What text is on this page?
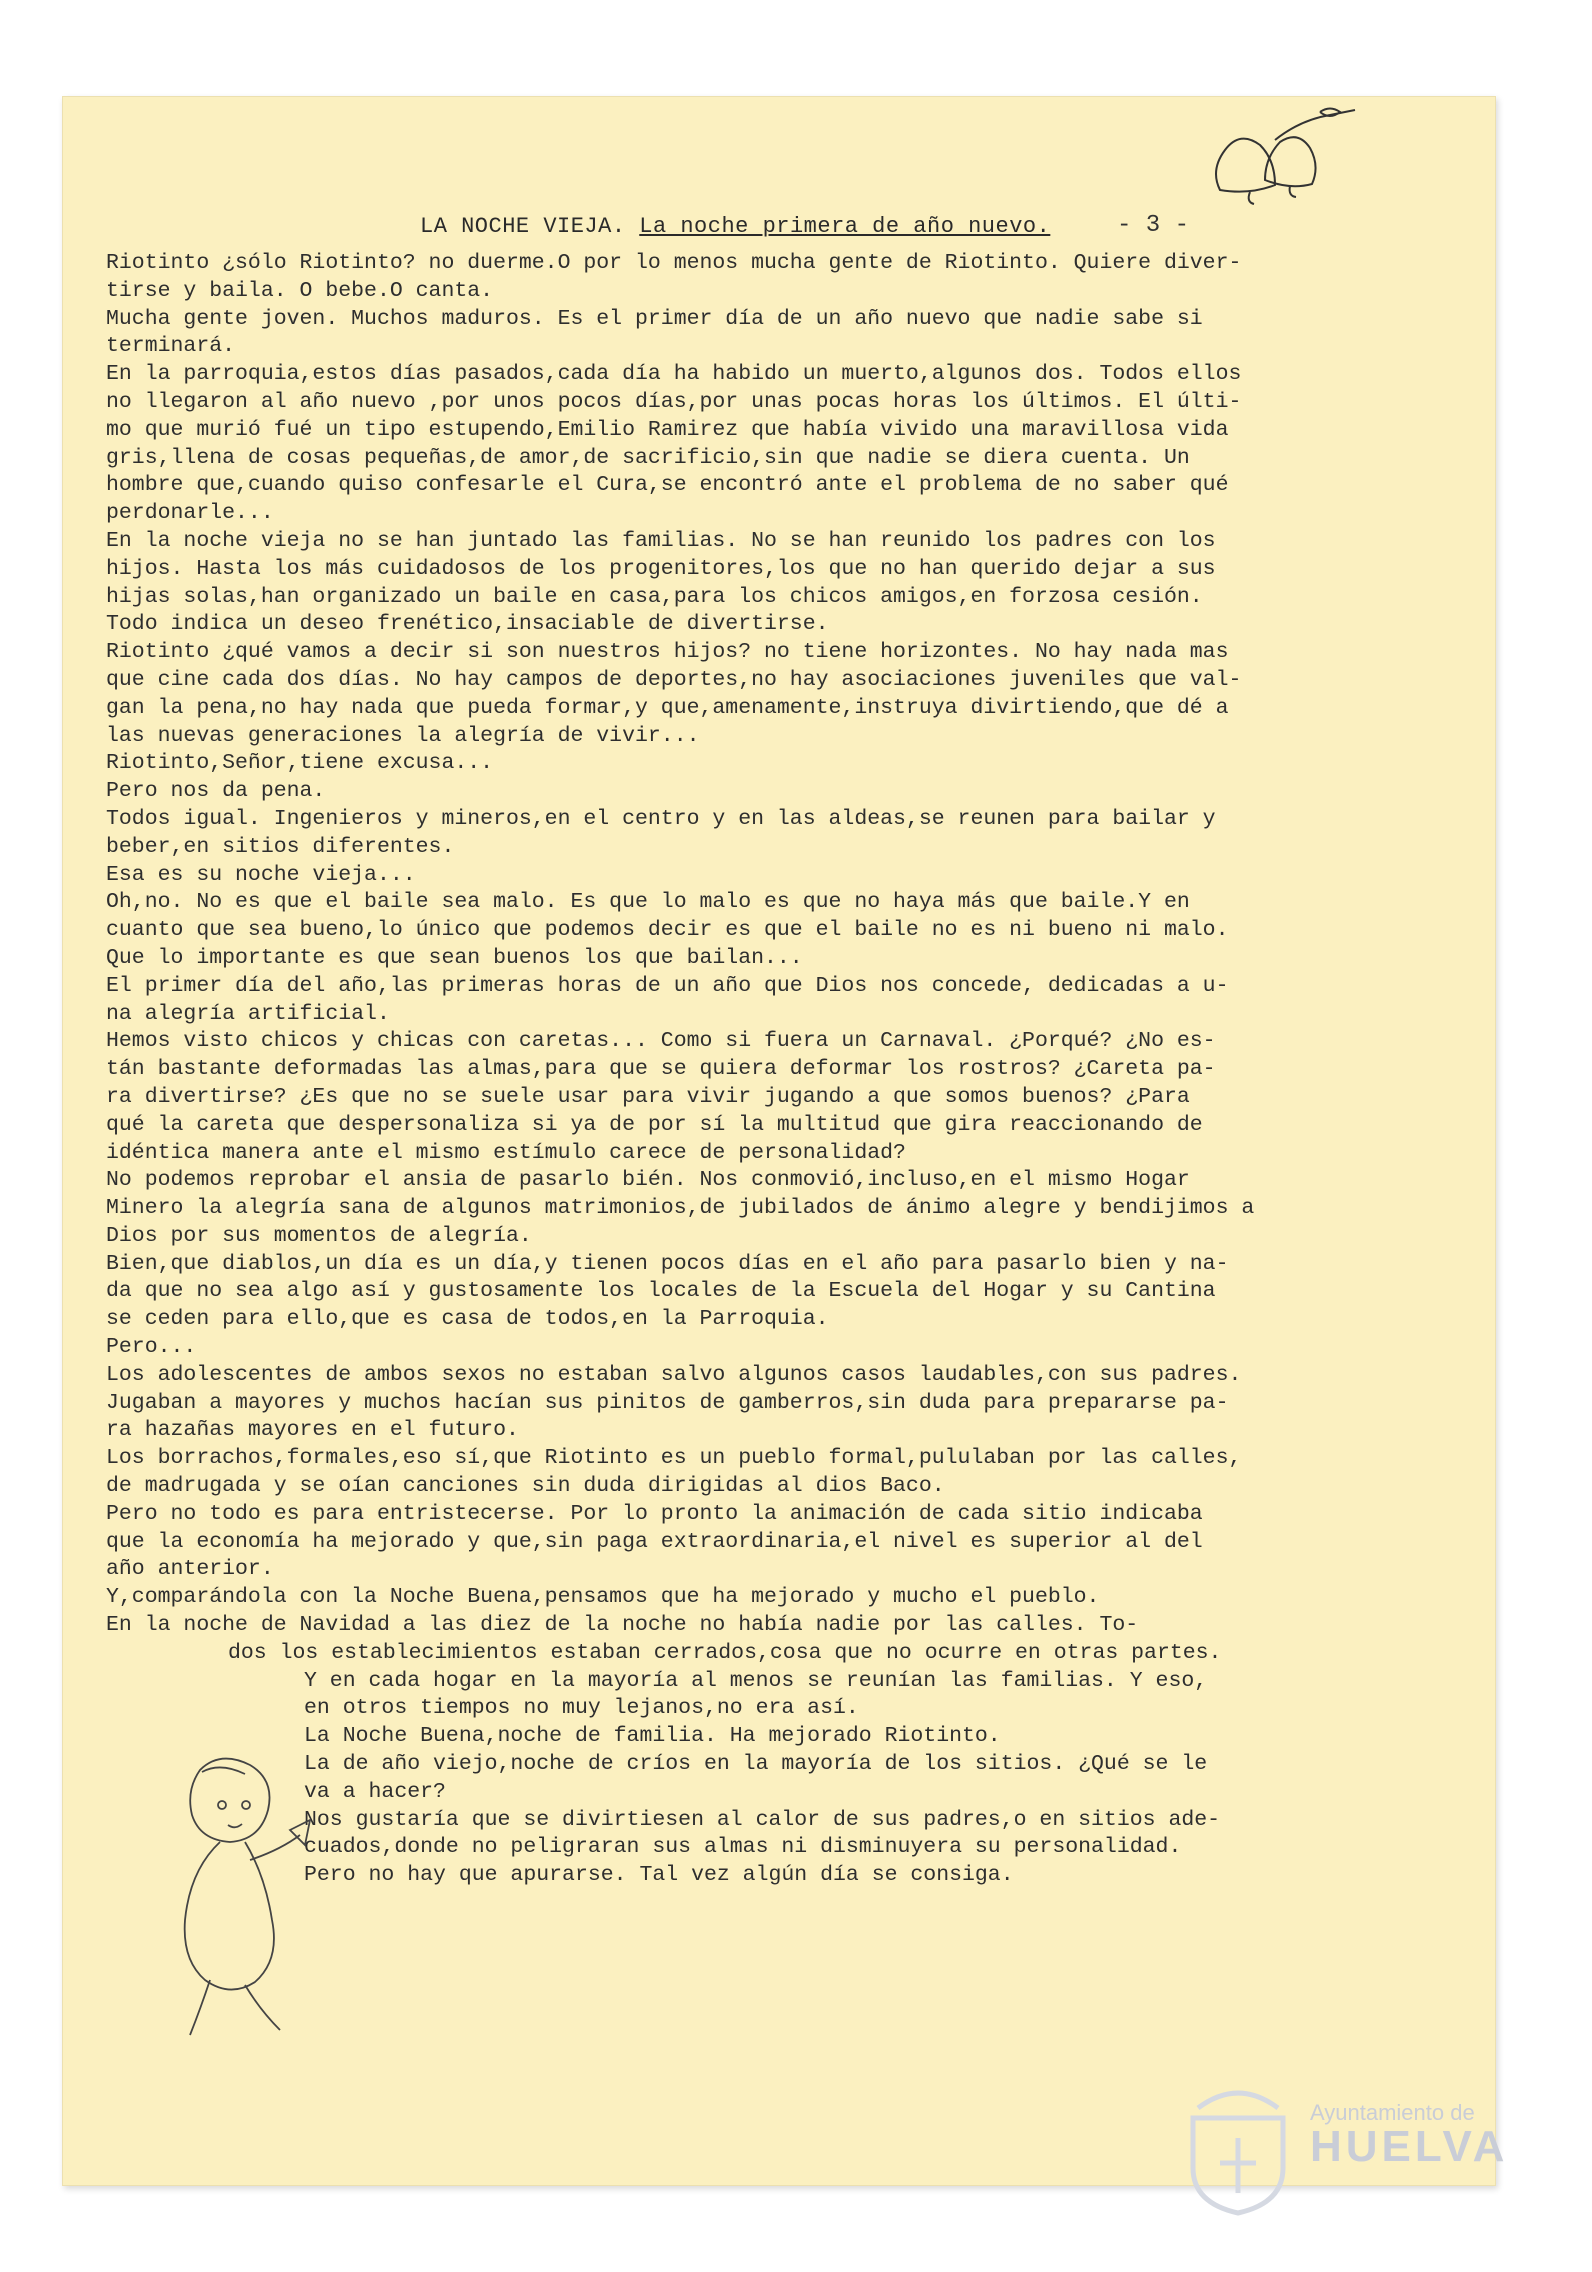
LA NOCHE VIEJA. La noche primera de año nuevo.	- 3 -
Riotinto ¿sólo Riotinto? no duerme.O por lo menos mucha gente de Riotinto. Quiere diver-
tirse y baila. O bebe.O canta.
Mucha gente joven. Muchos maduros. Es el primer día de un año nuevo que nadie sabe si
terminará.
En la parroquia,estos días pasados,cada día ha habido un muerto,algunos dos. Todos ellos
no llegaron al año nuevo ,por unos pocos días,por unas pocas horas los últimos. El últi-
mo que murió fué un tipo estupendo,Emilio Ramirez que había vivido una maravillosa vida
gris,llena de cosas pequeñas,de amor,de sacrificio,sin que nadie se diera cuenta. Un
hombre que,cuando quiso confesarle el Cura,se encontró ante el problema de no saber qué
perdonarle...
En la noche vieja no se han juntado las familias. No se han reunido los padres con los
hijos. Hasta los más cuidadosos de los progenitores,los que no han querido dejar a sus
hijas solas,han organizado un baile en casa,para los chicos amigos,en forzosa cesión.
Todo indica un deseo frenético,insaciable de divertirse.
Riotinto ¿qué vamos a decir si son nuestros hijos? no tiene horizontes. No hay nada mas
que cine cada dos días. No hay campos de deportes,no hay asociaciones juveniles que val-
gan la pena,no hay nada que pueda formar,y que,amenamente,instruya divirtiendo,que dé a
las nuevas generaciones la alegría de vivir...
Riotinto,Señor,tiene excusa...
Pero nos da pena.
Todos igual. Ingenieros y mineros,en el centro y en las aldeas,se reunen para bailar y
beber,en sitios diferentes.
Esa es su noche vieja...
Oh,no. No es que el baile sea malo. Es que lo malo es que no haya más que baile.Y en
cuanto que sea bueno,lo único que podemos decir es que el baile no es ni bueno ni malo.
Que lo importante es que sean buenos los que bailan...
El primer día del año,las primeras horas de un año que Dios nos concede, dedicadas a u-
na alegría artificial.
Hemos visto chicos y chicas con caretas... Como si fuera un Carnaval. ¿Porqué? ¿No es-
tán bastante deformadas las almas,para que se quiera deformar los rostros? ¿Careta pa-
ra divertirse? ¿Es que no se suele usar para vivir jugando a que somos buenos? ¿Para
qué la careta que despersonaliza si ya de por sí la multitud que gira reaccionando de
idéntica manera ante el mismo estímulo carece de personalidad?
No podemos reprobar el ansia de pasarlo bién. Nos conmovió,incluso,en el mismo Hogar
Minero la alegría sana de algunos matrimonios,de jubilados de ánimo alegre y bendijimos a
Dios por sus momentos de alegría.
Bien,que diablos,un día es un día,y tienen pocos días en el año para pasarlo bien y na-
da que no sea algo así y gustosamente los locales de la Escuela del Hogar y su Cantina
se ceden para ello,que es casa de todos,en la Parroquia.
Pero...
Los adolescentes de ambos sexos no estaban salvo algunos casos laudables,con sus padres.
Jugaban a mayores y muchos hacían sus pinitos de gamberros,sin duda para prepararse pa-
ra hazañas mayores en el futuro.
Los borrachos,formales,eso sí,que Riotinto es un pueblo formal,pululaban por las calles,
de madrugada y se oían canciones sin duda dirigidas al dios Baco.
Pero no todo es para entristecerse. Por lo pronto la animación de cada sitio indicaba
que la economía ha mejorado y que,sin paga extraordinaria,el nivel es superior al del
año anterior.
Y,comparándola con la Noche Buena,pensamos que ha mejorado y mucho el pueblo.
En la noche de Navidad a las diez de la noche no había nadie por las calles. To-
dos los establecimientos estaban cerrados,cosa que no ocurre en otras partes.
Y en cada hogar en la mayoría al menos se reunían las familias. Y eso,
en otros tiempos no muy lejanos,no era así.
La Noche Buena,noche de familia. Ha mejorado Riotinto.
La de año viejo,noche de críos en la mayoría de los sitios. ¿Qué se le
va a hacer?
Nos gustaría que se divirtiesen al calor de sus padres,o en sitios ade-
cuados,donde no peligraran sus almas ni disminuyera su personalidad.
Pero no hay que apurarse. Tal vez algún día se consiga.
Ayuntamiento de
HUELVA
